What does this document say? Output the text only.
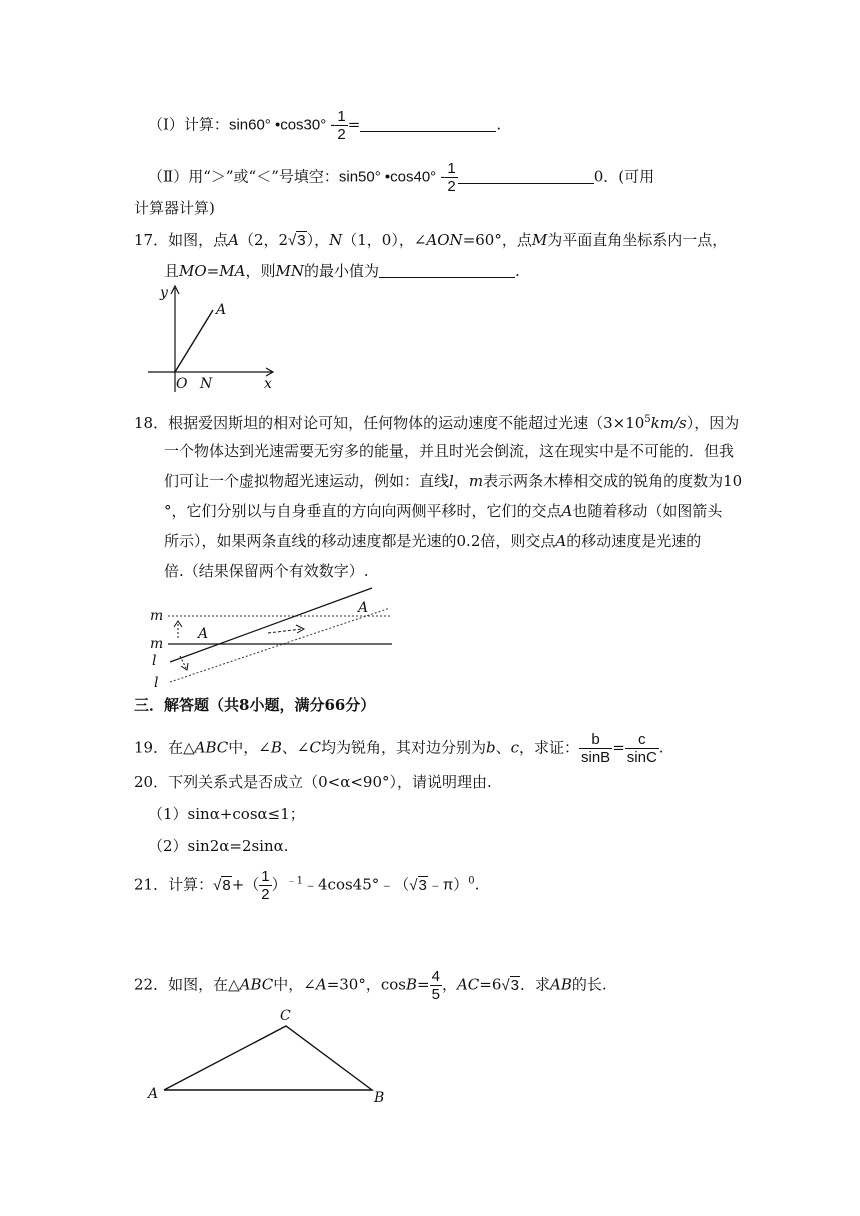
（Ⅰ）计算：sin60° •cos30° - $\frac{1}{2}$ =	.
（Ⅱ）用“＞”或“＜”号填空：sin50° •cos40° - $\frac{1}{2}$	0．(可用
计算器计算)
17．如图，点A（2，2√3），N（1，0），∠AON=60°，点M为平面直角坐标系内一点，
且MO=MA，则MN的最小值为	.
y
x
O N
A
18．根据爱因斯坦的相对论可知，任何物体的运动速度不能超过光速$(3\times 10^5km/s)$，因为
一个物体达到光速需要无穷多的能量，并且时光会倒流，这在现实中是不可能的．但我
们可让一个虚拟物超光速运动，例如：直线l，m表示两条木棒相交成的锐角的度数为10
°，它们分别以与自身垂直的方向向两侧平移时，它们的交点A也随着移动（如图箭头
所示），如果两条直线的移动速度都是光速的0.2倍，则交点A的移动速度是光速的
倍.（结果保留两个有效数字）.
m
m
l
l
A
A
三．解答题（共8小题，满分66分）
19．在△ABC中，∠B、∠C均为锐角，其对边分别为b、c，求证： $\frac{b}{\sin B} = \frac{c}{\sin C}$ .
20．下列关系式是否成立（0<α<90°），请说明理由.
（1）sinα+cosα≤1；
（2）sin2α=2sinα.
21．计算：$√8+( \frac{1}{2}$ ）$^{﹣1}﹣4\cos 45^\circ﹣(√3﹣\pi)^0$.
22．如图，在△ABC中，∠A=30°，$\cos B= \frac{4}{5}$ ，AC=6√3．求AB的长.
C
A	B
